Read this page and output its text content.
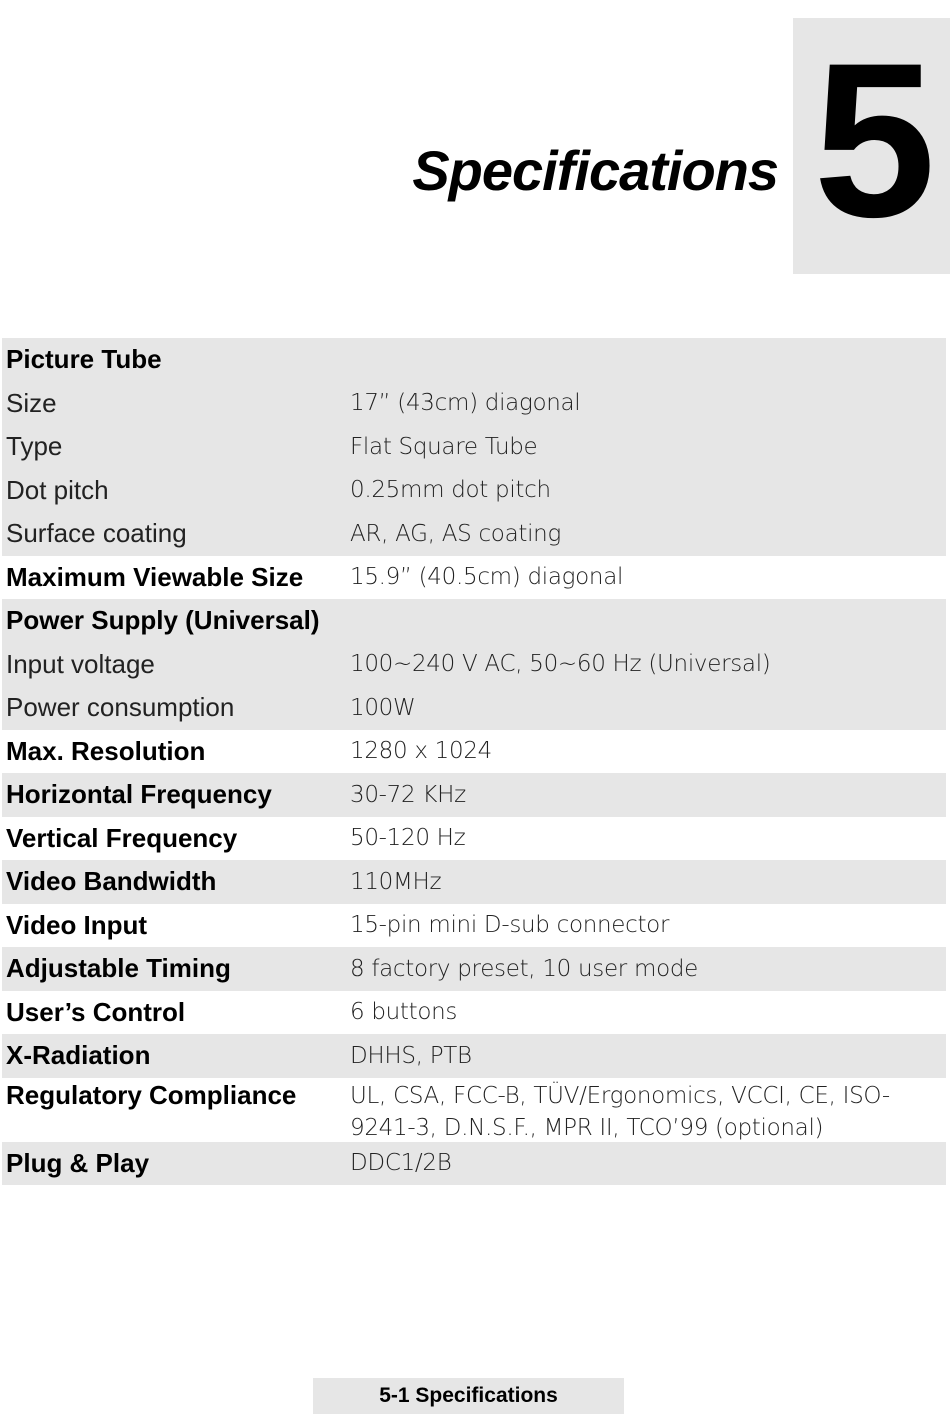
5
Specifications
Picture Tube
Size	17” (43cm) diagonal
Type	Flat Square Tube
Dot pitch	0.25mm dot pitch
Surface coating	AR, AG, AS coating
Maximum Viewable Size	15.9” (40.5cm) diagonal
Power Supply (Universal)
Input voltage	100~240 V AC, 50~60 Hz (Universal)
Power consumption	100W
Max. Resolution	1280 x 1024
Horizontal Frequency	30-72 KHz
Vertical Frequency	50-120 Hz
Video Bandwidth	110MHz
Video Input	15-pin mini D-sub connector
Adjustable Timing	8 factory preset, 10 user mode
User’s Control	6 buttons
X-Radiation	DHHS, PTB
Regulatory Compliance	UL, CSA, FCC-B, TÜV/Ergonomics, VCCI, CE, ISO-9241-3, D.N.S.F., MPR II, TCO’99 (optional)
Plug & Play	DDC1/2B
5-1 Specifications
